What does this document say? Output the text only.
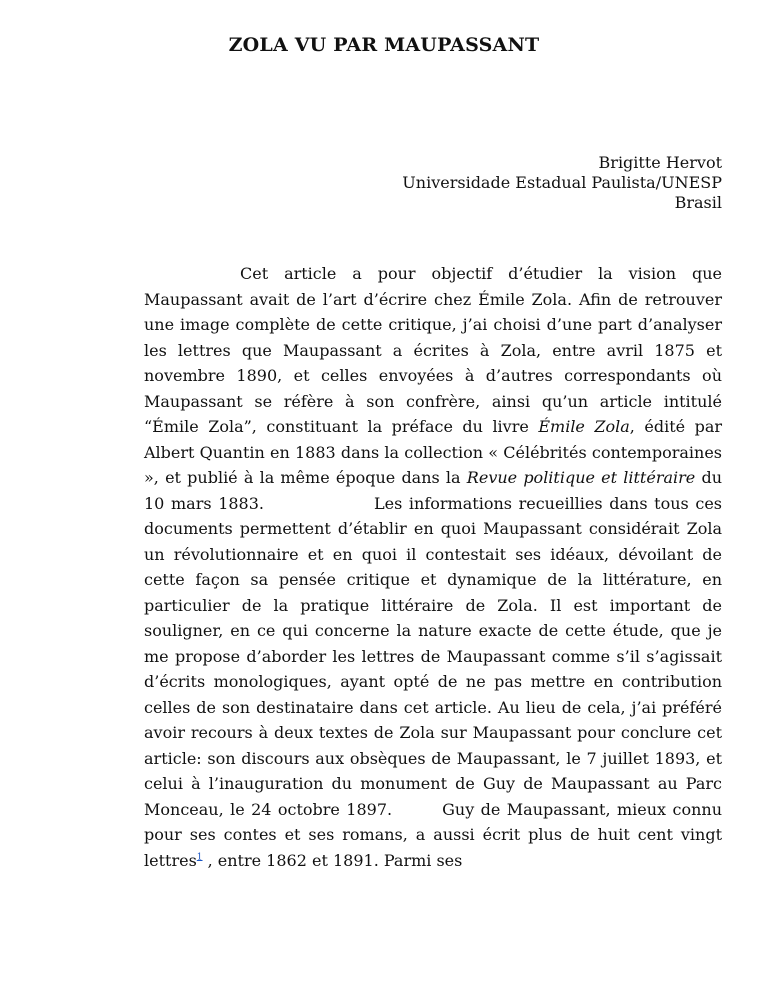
ZOLA VU PAR MAUPASSANT
Brigitte Hervot
Universidade Estadual Paulista/UNESP
Brasil

Cet article a pour objectif d’étudier la vision que Maupassant avait de l’art d’écrire chez Émile Zola. Afin de retrouver une image complète de cette critique, j’ai choisi d’une part d’analyser les lettres que Maupassant a écrites à Zola, entre avril 1875 et novembre 1890, et celles envoyées à d’autres correspondants où Maupassant se réfère à son confrère, ainsi qu’un article intitulé “Émile Zola”, constituant la préface du livre Émile Zola, édité par Albert Quantin en 1883 dans la collection « Célébrités contemporaines », et publié à la même époque dans la Revue politique et littéraire du 10 mars 1883.	Les informations recueillies dans tous ces documents permettent d’établir en quoi Maupassant considérait Zola un révolutionnaire et en quoi il contestait ses idéaux, dévoilant de cette façon sa pensée critique et dynamique de la littérature, en particulier de la pratique littéraire de Zola. Il est important de souligner, en ce qui concerne la nature exacte de cette étude, que je me propose d’aborder les lettres de Maupassant comme s’il s’agissait d’écrits monologiques, ayant opté de ne pas mettre en contribution celles de son destinataire dans cet article. Au lieu de cela, j’ai préféré avoir recours à deux textes de Zola sur Maupassant pour conclure cet article: son discours aux obsèques de Maupassant, le 7 juillet 1893, et celui à l’inauguration du monument de Guy de Maupassant au Parc Monceau, le 24 octobre 1897.	Guy de Maupassant, mieux connu pour ses contes et ses romans, a aussi écrit plus de huit cent vingt lettres$^1$ , entre 1862 et 1891. Parmi ses
